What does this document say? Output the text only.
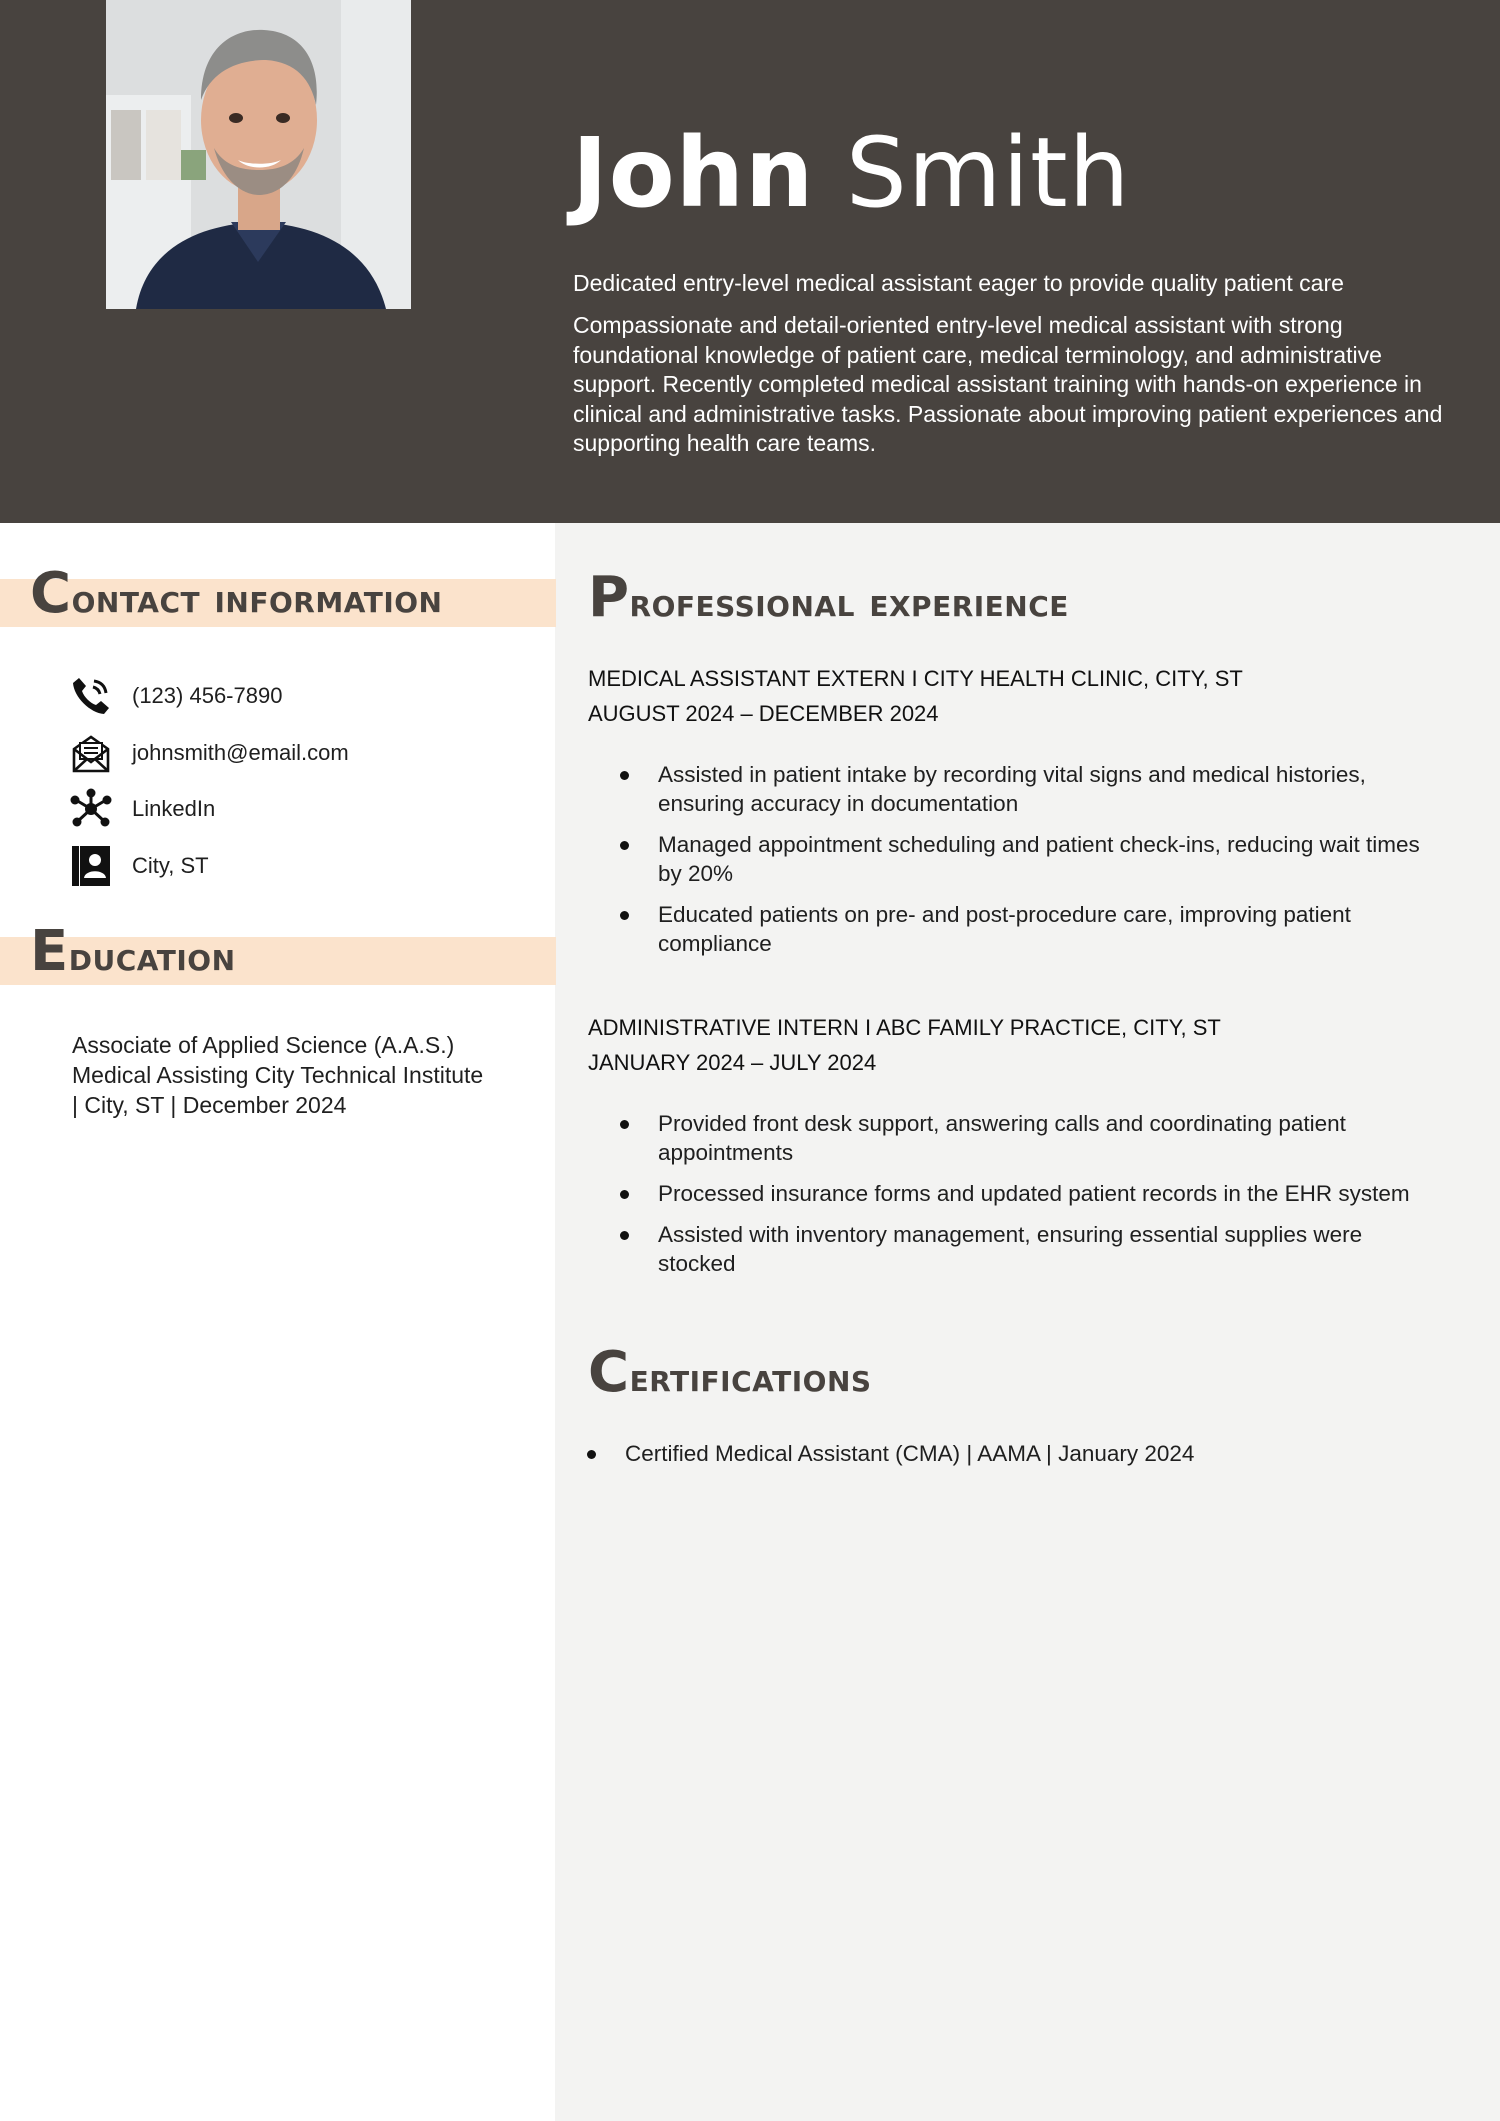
John Smith
Dedicated entry-level medical assistant eager to provide quality patient care
Compassionate and detail-oriented entry-level medical assistant with strong foundational knowledge of patient care, medical terminology, and administrative support. Recently completed medical assistant training with hands-on experience in clinical and administrative tasks. Passionate about improving patient experiences and supporting health care teams.
Contact information
(123) 456-7890
johnsmith@email.com
LinkedIn
City, ST
Education
Associate of Applied Science (A.A.S.)
Medical Assisting City Technical Institute
| City, ST | December 2024
Professional experience
MEDICAL ASSISTANT EXTERN I CITY HEALTH CLINIC, CITY, ST
AUGUST 2024 – DECEMBER 2024
Assisted in patient intake by recording vital signs and medical histories, ensuring accuracy in documentation
Managed appointment scheduling and patient check-ins, reducing wait times by 20%
Educated patients on pre- and post-procedure care, improving patient compliance
ADMINISTRATIVE INTERN I ABC FAMILY PRACTICE, CITY, ST
JANUARY 2024 – JULY 2024
Provided front desk support, answering calls and coordinating patient appointments
Processed insurance forms and updated patient records in the EHR system
Assisted with inventory management, ensuring essential supplies were stocked
Certifications
Certified Medical Assistant (CMA) | AAMA | January 2024
